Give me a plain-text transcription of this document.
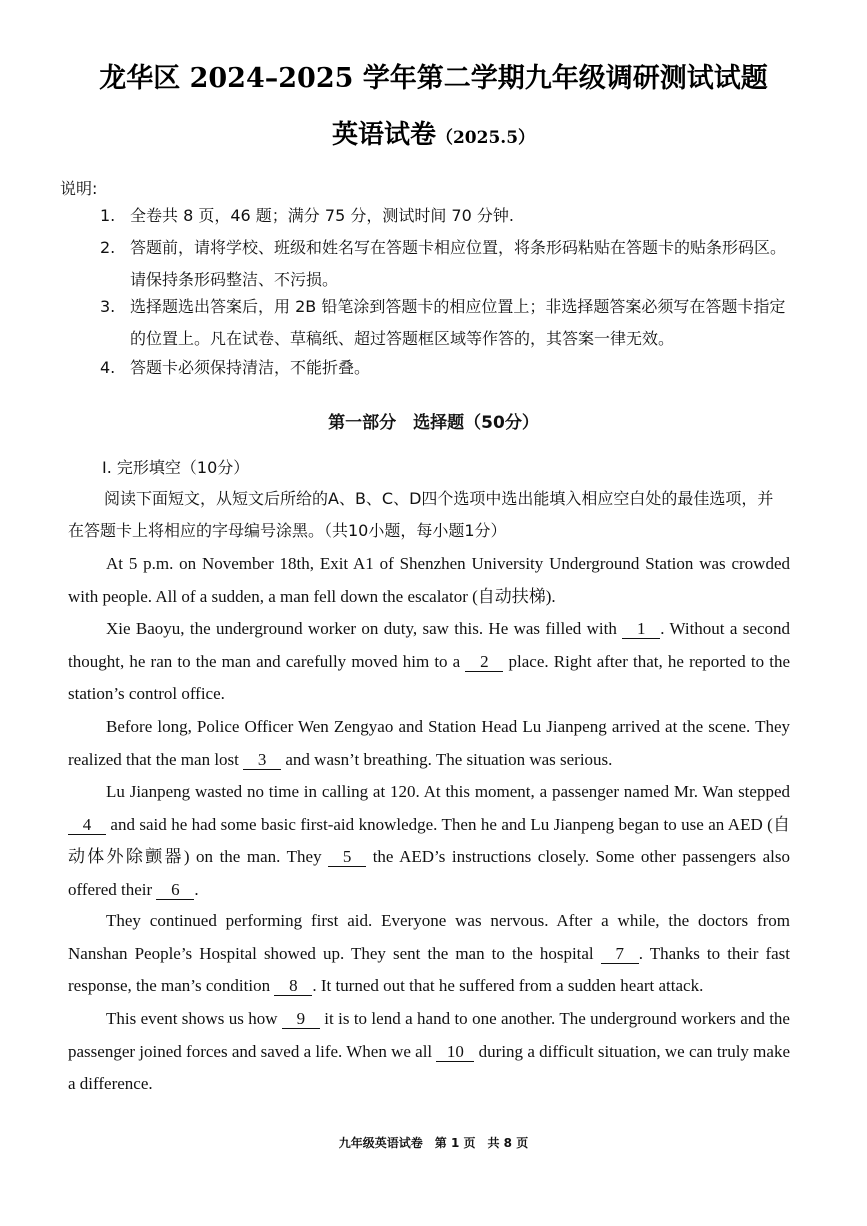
龙华区 2024–2025 学年第二学期九年级调研测试试题
英语试卷（2025.5）
说明:
1. 全卷共 8 页，46 题；满分 75 分，测试时间 70 分钟.
2. 答题前，请将学校、班级和姓名写在答题卡相应位置，将条形码粘贴在答题卡的贴条形码区。请保持条形码整洁、不污损。
3. 选择题选出答案后，用 2B 铅笔涂到答题卡的相应位置上；非选择题答案必须写在答题卡指定的位置上。凡在试卷、草稿纸、超过答题框区域等作答的，其答案一律无效。
4. 答题卡必须保持清洁，不能折叠。
第一部分　选择题（50分）
I. 完形填空（10分）
阅读下面短文，从短文后所给的A、B、C、D四个选项中选出能填入相应空白处的最佳选项，并在答题卡上将相应的字母编号涂黑。（共10小题，每小题1分）
At 5 p.m. on November 18th, Exit A1 of Shenzhen University Underground Station was crowded with people. All of a sudden, a man fell down the escalator (自动扶梯).
Xie Baoyu, the underground worker on duty, saw this. He was filled with 1 . Without a second thought, he ran to the man and carefully moved him to a 2 place. Right after that, he reported to the station’s control office.
Before long, Police Officer Wen Zengyao and Station Head Lu Jianpeng arrived at the scene. They realized that the man lost 3 and wasn’t breathing. The situation was serious.
Lu Jianpeng wasted no time in calling at 120. At this moment, a passenger named Mr. Wan stepped 4 and said he had some basic first-aid knowledge. Then he and Lu Jianpeng began to use an AED (自动体外除颤器) on the man. They 5 the AED’s instructions closely. Some other passengers also offered their 6 .
They continued performing first aid. Everyone was nervous. After a while, the doctors from Nanshan People’s Hospital showed up. They sent the man to the hospital 7 . Thanks to their fast response, the man’s condition 8 . It turned out that he suffered from a sudden heart attack.
This event shows us how 9 it is to lend a hand to one another. The underground workers and the passenger joined forces and saved a life. When we all 10 during a difficult situation, we can truly make a difference.
九年级英语试卷　第 1 页　共 8 页
